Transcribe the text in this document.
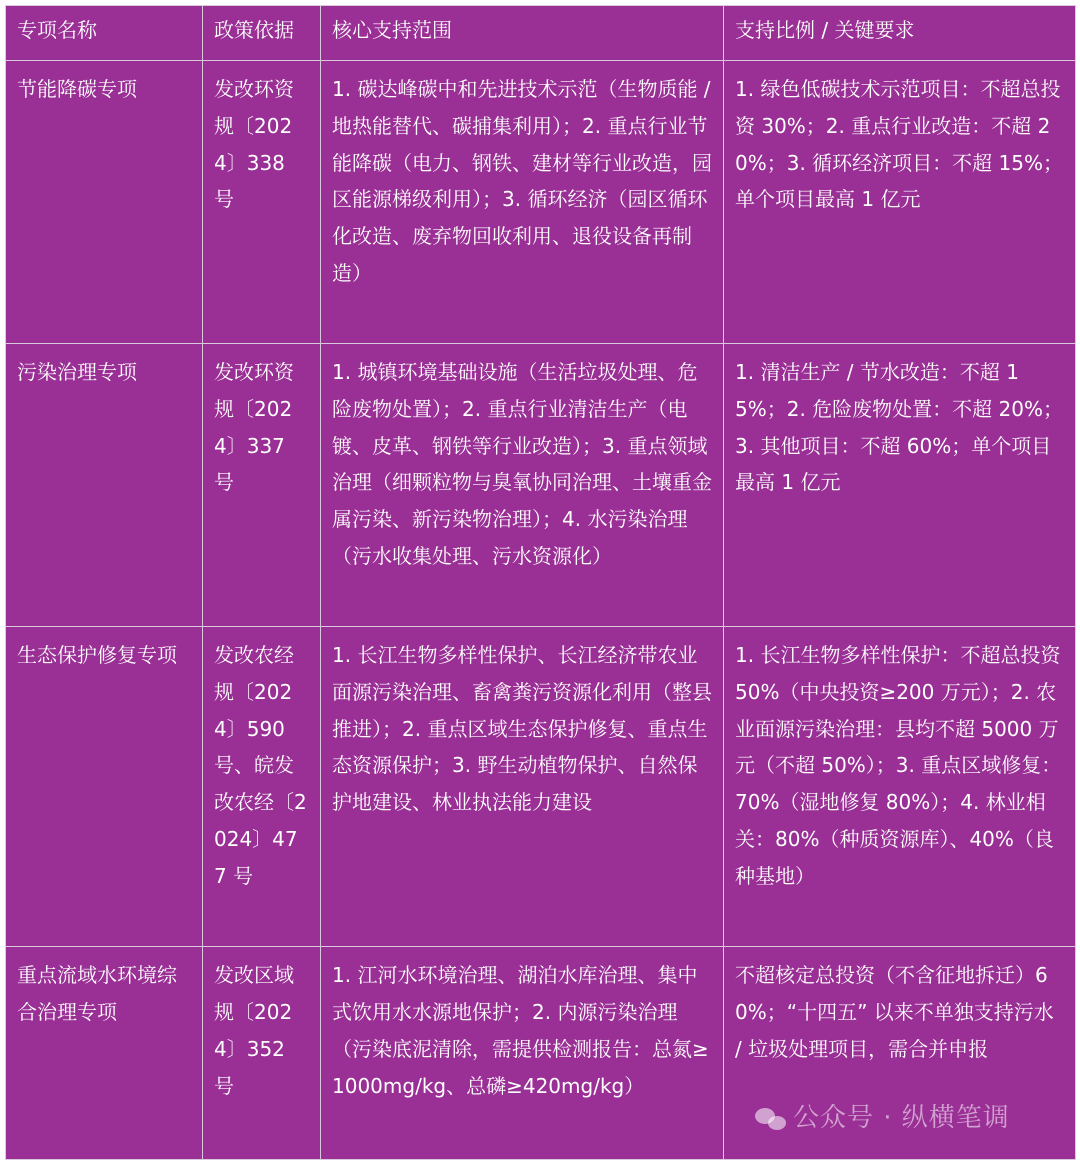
专项名称	政策依据	核心支持范围	支持比例 / 关键要求
节能降碳专项	发改环资规〔2024〕338 号	1. 碳达峰碳中和先进技术示范（生物质能 / 地热能替代、碳捕集利用）；2. 重点行业节能降碳（电力、钢铁、建材等行业改造，园区能源梯级利用）；3. 循环经济（园区循环化改造、废弃物回收利用、退役设备再制造）	1. 绿色低碳技术示范项目：不超总投资 30%；2. 重点行业改造：不超 20%；3. 循环经济项目：不超 15%；单个项目最高 1 亿元
污染治理专项	发改环资规〔2024〕337 号	1. 城镇环境基础设施（生活垃圾处理、危险废物处置）；2. 重点行业清洁生产（电镀、皮革、钢铁等行业改造）；3. 重点领域治理（细颗粒物与臭氧协同治理、土壤重金属污染、新污染物治理）；4. 水污染治理（污水收集处理、污水资源化）	1. 清洁生产 / 节水改造：不超 15%；2. 危险废物处置：不超 20%；3. 其他项目：不超 60%；单个项目最高 1 亿元
生态保护修复专项	发改农经规〔2024〕590 号、皖发改农经〔2024〕477 号	1. 长江生物多样性保护、长江经济带农业面源污染治理、畜禽粪污资源化利用（整县推进）；2. 重点区域生态保护修复、重点生态资源保护；3. 野生动植物保护、自然保护地建设、林业执法能力建设	1. 长江生物多样性保护：不超总投资 50%（中央投资≥200 万元）；2. 农业面源污染治理：县均不超 5000 万元（不超 50%）；3. 重点区域修复：70%（湿地修复 80%）；4. 林业相关：80%（种质资源库）、40%（良种基地）
重点流域水环境综合治理专项	发改区域规〔2024〕352 号	1. 江河水环境治理、湖泊水库治理、集中式饮用水水源地保护；2. 内源污染治理（污染底泥清除，需提供检测报告：总氮≥1000mg/kg、总磷≥420mg/kg）	不超核定总投资（不含征地拆迁）60%；“十四五” 以来不单独支持污水 / 垃圾处理项目，需合并申报
公众号 · 纵横笔调
